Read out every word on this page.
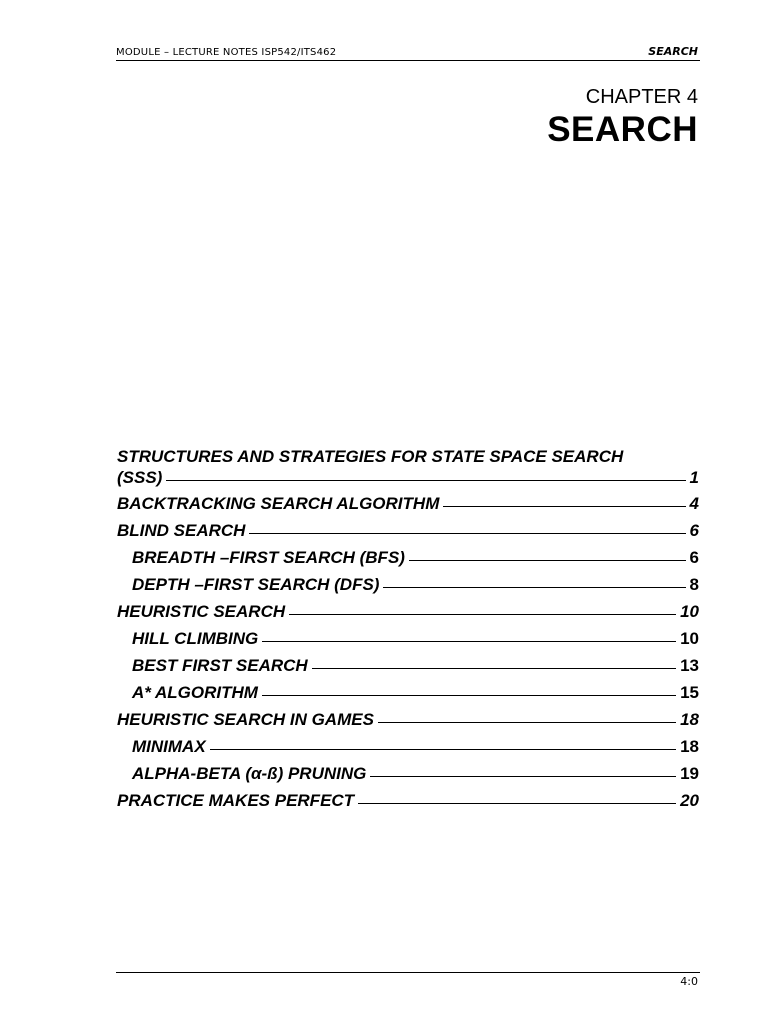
MODULE – LECTURE NOTES ISP542/ITS462	SEARCH
CHAPTER 4
SEARCH
STRUCTURES AND STRATEGIES FOR STATE SPACE SEARCH
(SSS)	1
BACKTRACKING SEARCH ALGORITHM	4
BLIND SEARCH	6
BREADTH –FIRST SEARCH (BFS)	6
DEPTH –FIRST SEARCH (DFS)	8
HEURISTIC SEARCH	10
HILL CLIMBING	10
BEST FIRST SEARCH	13
A* ALGORITHM	15
HEURISTIC SEARCH IN GAMES	18
MINIMAX	18
ALPHA-BETA (α-ß) PRUNING	19
PRACTICE MAKES PERFECT	20
4:0
